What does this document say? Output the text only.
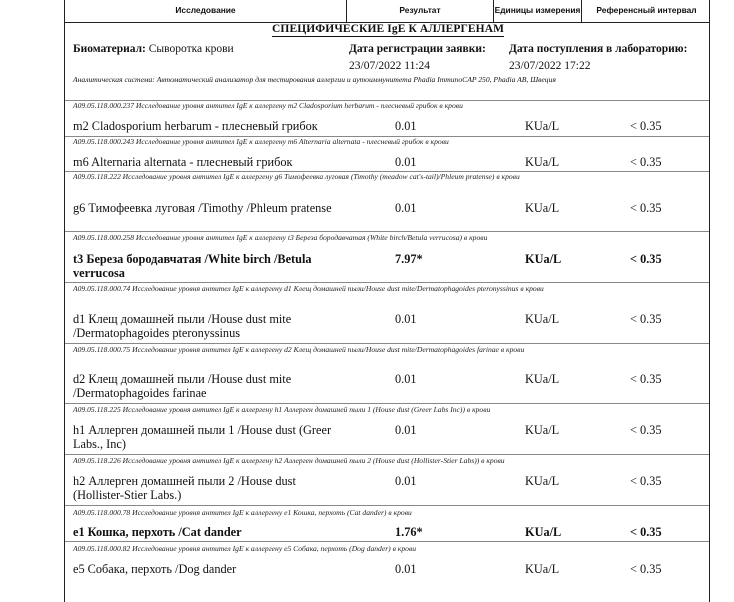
Исследование	Результат	Единицы измерения	Референсный интервал
СПЕЦИФИЧЕСКИЕ IgE К АЛЛЕРГЕНАМ
Биоматериал: Сыворотка крови	Дата регистрации заявки:
23/07/2022 11:24
Дата поступления в лабораторию:
23/07/2022 17:22
Аналитическая система: Автоматический анализатор для тестирования аллергии и аутоиммунитета Phadia ImmunoCAP 250, Phadia AB, Швеция
A09.05.118.000.237 Исследование уровня антител IgE к аллергену m2 Cladosporium herbarum - плесневый грибок в крови
m2 Cladosporium herbarum - плесневый грибок	0.01	KUa/L	< 0.35
A09.05.118.000.243 Исследование уровня антител IgE к аллергену m6 Alternaria alternata - плесневый грибок в крови
m6 Alternaria alternata - плесневый грибок	0.01	KUa/L	< 0.35
A09.05.118.222 Исследование уровня антител IgE к аллергену g6 Тимофеевка луговая (Timothy (meadow cat's-tail)/Phleum pratense) в крови
g6 Тимофеевка луговая /Timothy /Phleum pratense	0.01	KUa/L	< 0.35
A09.05.118.000.258 Исследование уровня антител IgE к аллергену t3 Береза бородавчатая (White birch/Betula verrucosa) в крови
t3 Береза бородавчатая /White birch /Betula verrucosa
7.97*	KUa/L	< 0.35
A09.05.118.000.74 Исследование уровня антител IgE к аллергену d1 Клещ домашней пыли/House dust mite/Dermatophagoides pteronyssinus в крови
d1 Клещ домашней пыли /House dust mite /Dermatophagoides pteronyssinus
0.01	KUa/L	< 0.35
A09.05.118.000.75 Исследование уровня антител IgE к аллергену d2 Клещ домашней пыли/House dust mite/Dermatophagoides farinae в крови
d2 Клещ домашней пыли /House dust mite /Dermatophagoides farinae
0.01	KUa/L	< 0.35
A09.05.118.225 Исследование уровня антител IgE к аллергену h1 Аллерген домашней пыли 1 (House dust (Greer Labs Inc)) в крови
h1 Аллерген домашней пыли 1 /House dust (Greer Labs., Inc)
0.01	KUa/L	< 0.35
A09.05.118.226 Исследование уровня антител IgE к аллергену h2 Аллерген домашней пыли 2 (House dust (Hollister-Stier Labs)) в крови
h2 Аллерген домашней пыли 2 /House dust (Hollister-Stier Labs.)
0.01	KUa/L	< 0.35
A09.05.118.000.78 Исследование уровня антител IgE к аллергену e1 Кошка, перхоть (Cat dander) в крови
e1 Кошка, перхоть /Cat dander	1.76*	KUa/L	< 0.35
A09.05.118.000.82 Исследование уровня антител IgE к аллергену e5 Собака, перхоть (Dog dander) в крови
e5 Собака, перхоть /Dog dander	0.01	KUa/L	< 0.35
